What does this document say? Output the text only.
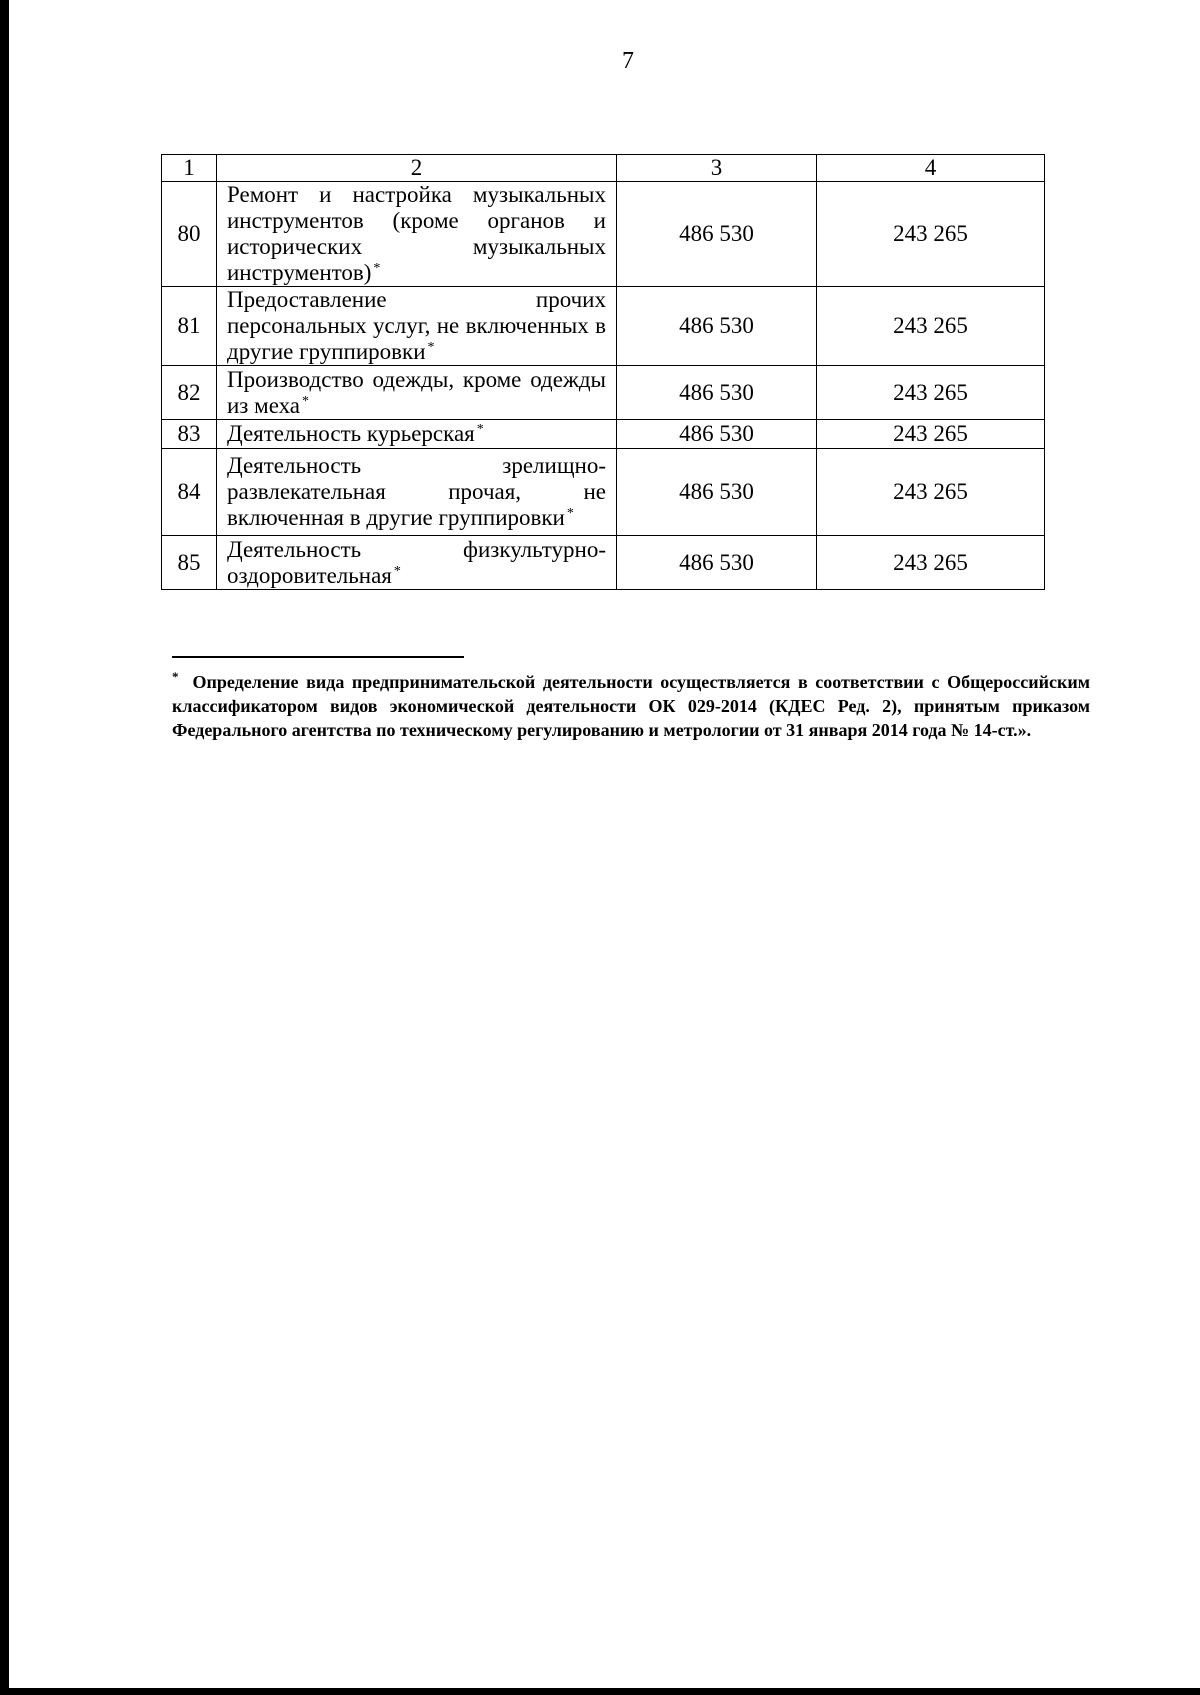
7
1	2	3	4
80	Ремонт и настройка музыкальных инструментов (кроме органов и исторических музыкальных инструментов) *	486 530	243 265
81	Предоставление прочих персональных услуг, не включенных в другие группировки *	486 530	243 265
82	Производство одежды, кроме одежды из меха *	486 530	243 265
83	Деятельность курьерская *	486 530	243 265
84	Деятельность зрелищно-развлекательная прочая, не включенная в другие группировки *	486 530	243 265
85	Деятельность физкультурно-оздоровительная *	486 530	243 265
* Определение вида предпринимательской деятельности осуществляется в соответствии с Общероссийским классификатором видов экономической деятельности ОК 029-2014 (КДЕС Ред. 2), принятым приказом Федерального агентства по техническому регулированию и метрологии от 31 января 2014 года № 14-ст.».
